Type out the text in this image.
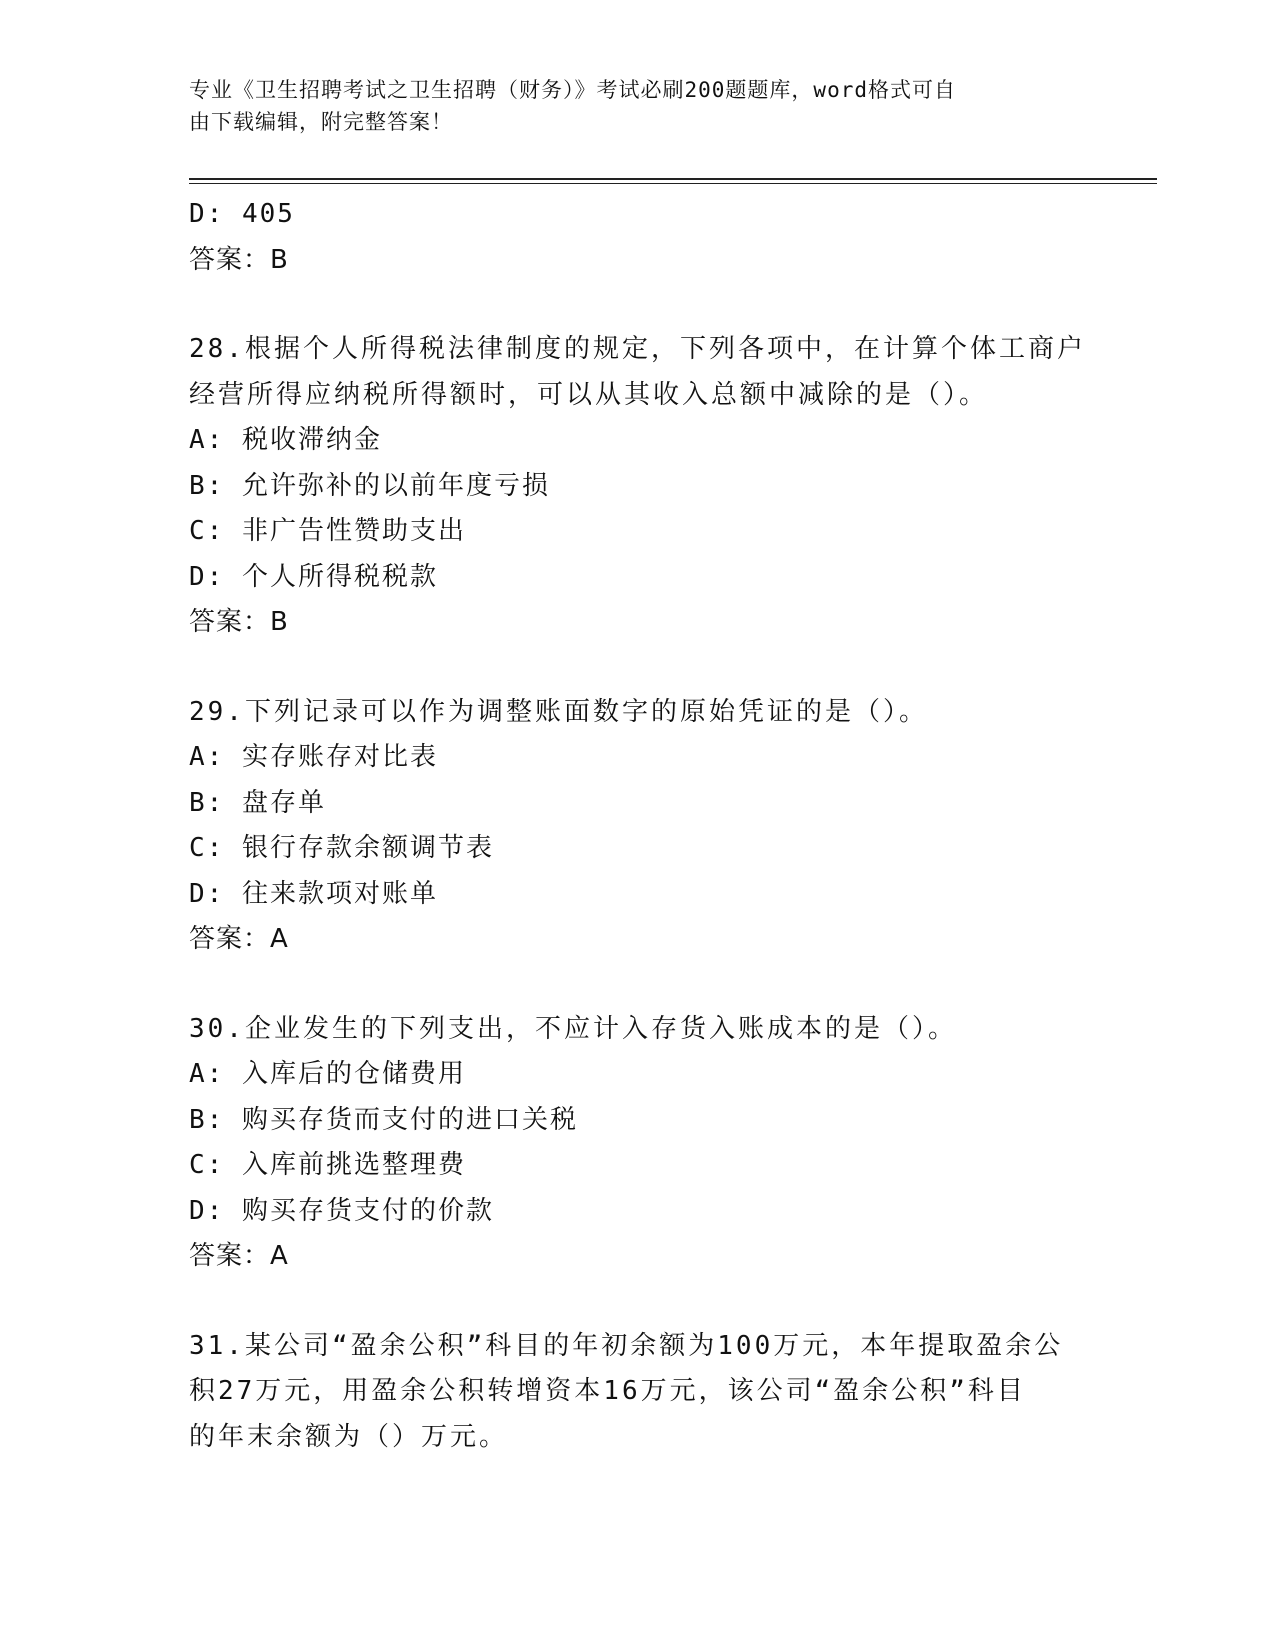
专业《卫生招聘考试之卫生招聘（财务）》考试必刷200题题库，word格式可自
由下载编辑，附完整答案！
D: 405
答案：B
28.根据个人所得税法律制度的规定，下列各项中，在计算个体工商户
经营所得应纳税所得额时，可以从其收入总额中减除的是（）。
A: 税收滞纳金
B: 允许弥补的以前年度亏损
C: 非广告性赞助支出
D: 个人所得税税款
答案：B
29.下列记录可以作为调整账面数字的原始凭证的是（）。
A: 实存账存对比表
B: 盘存单
C: 银行存款余额调节表
D: 往来款项对账单
答案：A
30.企业发生的下列支出，不应计入存货入账成本的是（）。
A: 入库后的仓储费用
B: 购买存货而支付的进口关税
C: 入库前挑选整理费
D: 购买存货支付的价款
答案：A
31.某公司“盈余公积”科目的年初余额为100万元，本年提取盈余公
积27万元，用盈余公积转增资本16万元，该公司“盈余公积”科目
的年末余额为（）万元。
